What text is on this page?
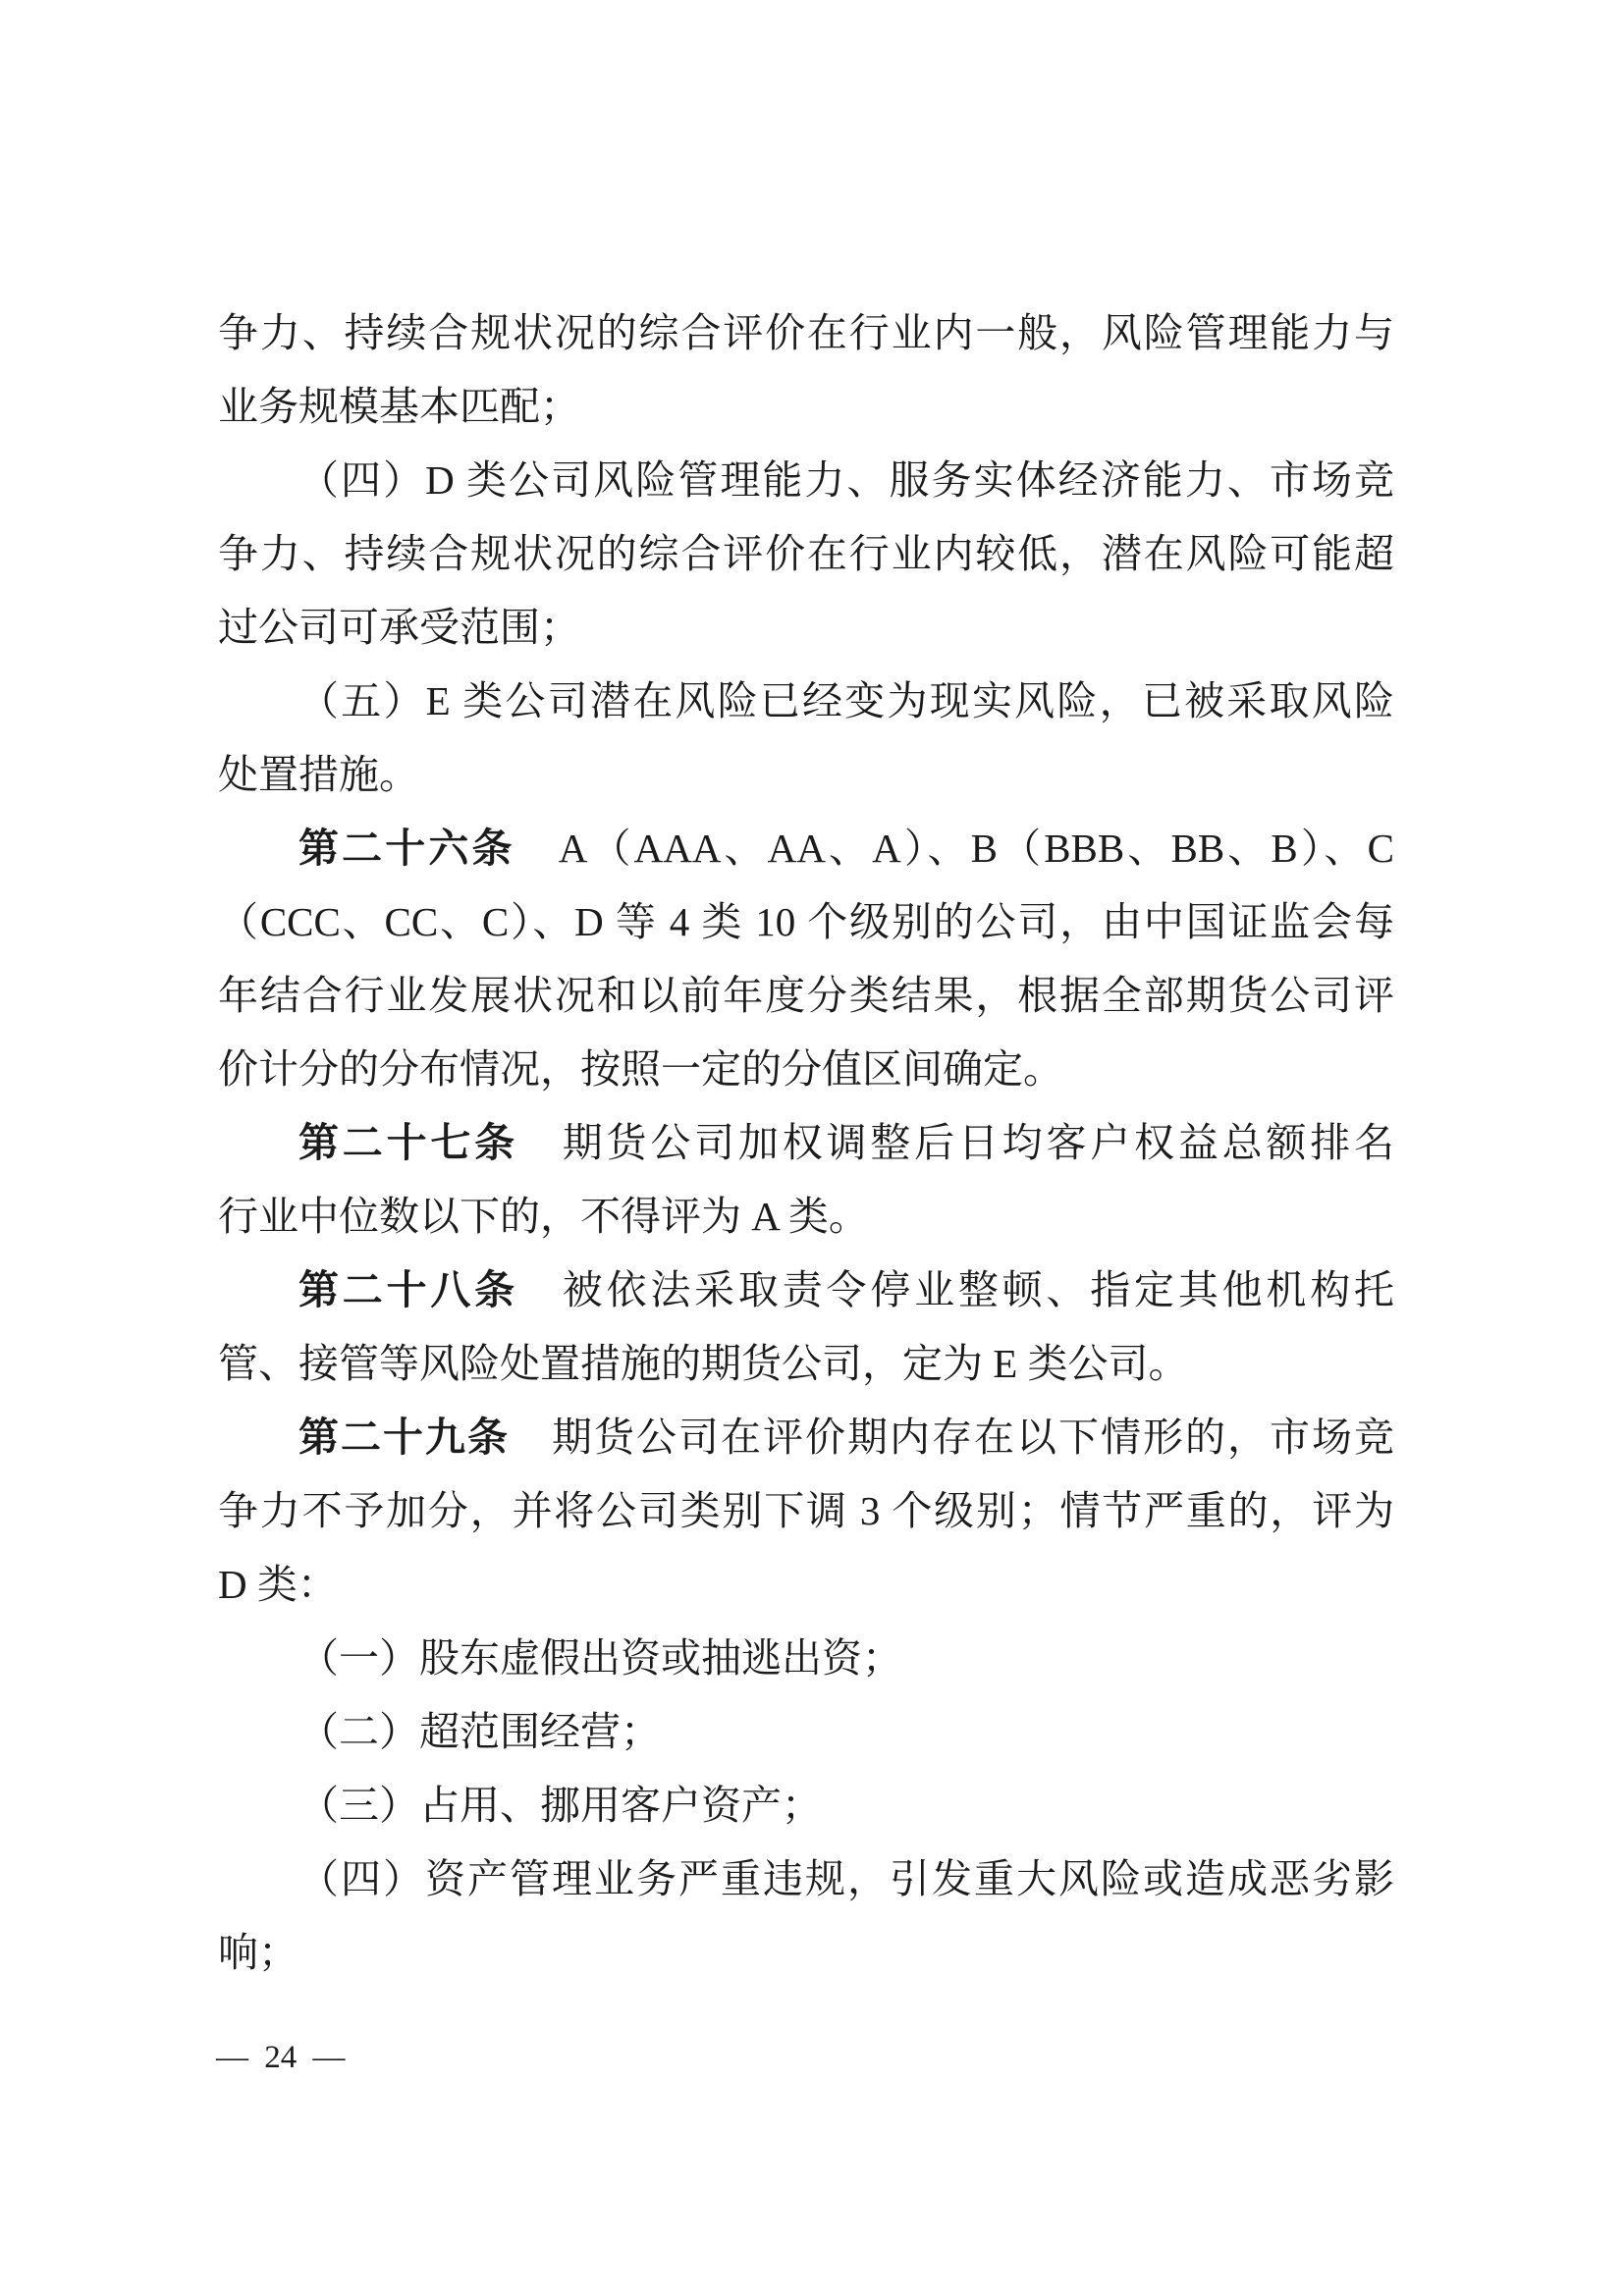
争力、持续合规状况的综合评价在行业内一般，风险管理能力与
业务规模基本匹配；
（四）D 类公司风险管理能力、服务实体经济能力、市场竞
争力、持续合规状况的综合评价在行业内较低，潜在风险可能超
过公司可承受范围；
（五）E 类公司潜在风险已经变为现实风险，已被采取风险
处置措施。
第二十六条　A（AAA、AA、A）、B（BBB、BB、B）、C
（CCC、CC、C）、D 等 4 类 10 个级别的公司，由中国证监会每
年结合行业发展状况和以前年度分类结果，根据全部期货公司评
价计分的分布情况，按照一定的分值区间确定。
第二十七条　期货公司加权调整后日均客户权益总额排名
行业中位数以下的，不得评为 A 类。
第二十八条　被依法采取责令停业整顿、指定其他机构托
管、接管等风险处置措施的期货公司，定为 E 类公司。
第二十九条　期货公司在评价期内存在以下情形的，市场竞
争力不予加分，并将公司类别下调 3 个级别；情节严重的，评为
D 类：
（一）股东虚假出资或抽逃出资；
（二）超范围经营；
（三）占用、挪用客户资产；
（四）资产管理业务严重违规，引发重大风险或造成恶劣影
响；
— 24 —
